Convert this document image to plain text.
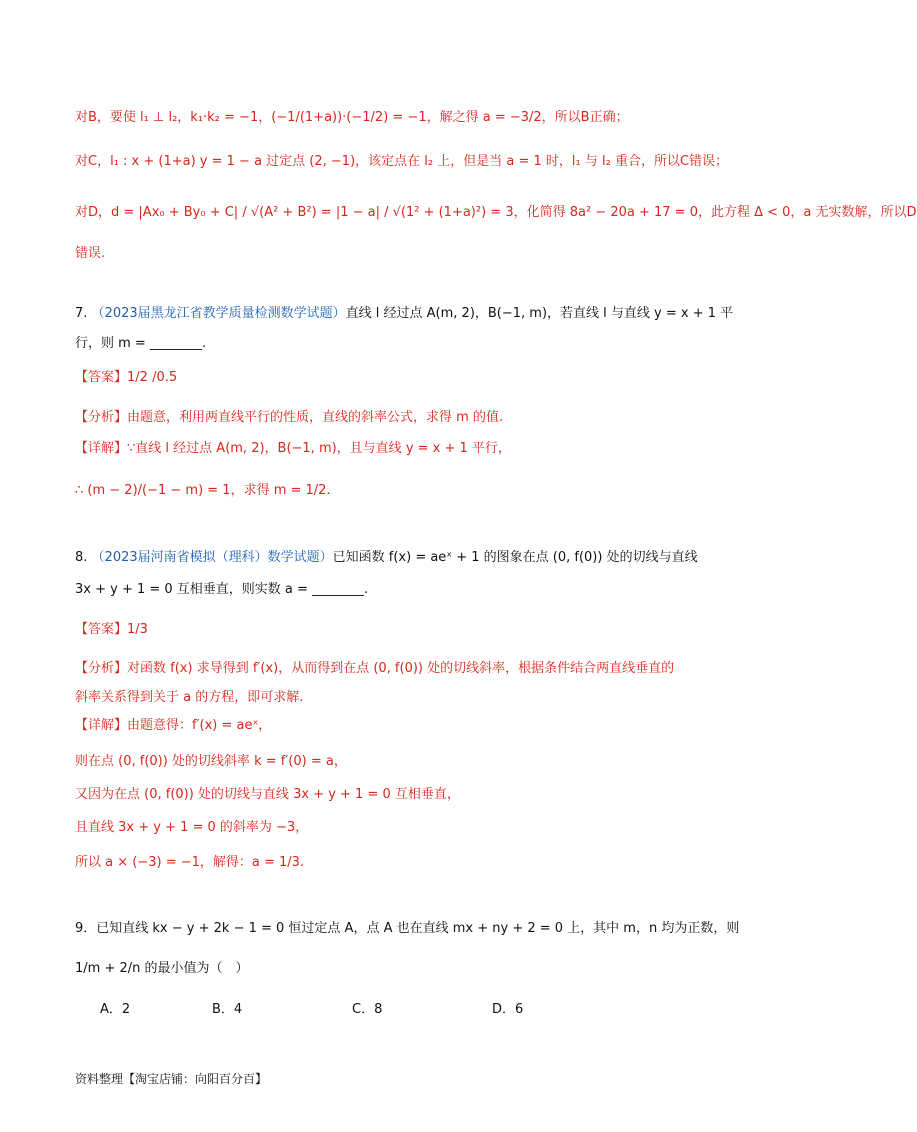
对B，要使 l₁ ⊥ l₂，k₁·k₂ = −1，(−1/(1+a))·(−1/2) = −1，解之得 a = −3/2，所以B正确；
对C，l₁ : x + (1+a) y = 1 − a 过定点 (2, −1)，该定点在 l₂ 上，但是当 a = 1 时，l₁ 与 l₂ 重合，所以C错误；
对D，d = |Ax₀ + By₀ + C| / √(A² + B²) = |1 − a| / √(1² + (1+a)²) = 3，化简得 8a² − 20a + 17 = 0，此方程 Δ < 0，a 无实数解，所以D
错误.
7. （2023届黑龙江省教学质量检测数学试题）直线 l 经过点 A(m, 2)，B(−1, m)，若直线 l 与直线 y = x + 1 平
行，则 m = ________.
【答案】1/2 /0.5
【分析】由题意，利用两直线平行的性质，直线的斜率公式，求得 m 的值.
【详解】∵直线 l 经过点 A(m, 2)，B(−1, m)，且与直线 y = x + 1 平行，
∴ (m − 2)/(−1 − m) = 1，求得 m = 1/2.
8. （2023届河南省模拟（理科）数学试题）已知函数 f(x) = aeˣ + 1 的图象在点 (0, f(0)) 处的切线与直线
3x + y + 1 = 0 互相垂直，则实数 a = ________.
【答案】1/3
【分析】对函数 f(x) 求导得到 f′(x)，从而得到在点 (0, f(0)) 处的切线斜率，根据条件结合两直线垂直的
斜率关系得到关于 a 的方程，即可求解.
【详解】由题意得：f′(x) = aeˣ，
则在点 (0, f(0)) 处的切线斜率 k = f′(0) = a，
又因为在点 (0, f(0)) 处的切线与直线 3x + y + 1 = 0 互相垂直，
且直线 3x + y + 1 = 0 的斜率为 −3，
所以 a × (−3) = −1，解得：a = 1/3.
9．已知直线 kx − y + 2k − 1 = 0 恒过定点 A，点 A 也在直线 mx + ny + 2 = 0 上，其中 m，n 均为正数，则
1/m + 2/n 的最小值为（　）
A．2	B．4	C．8	D．6
资料整理【淘宝店铺：向阳百分百】
